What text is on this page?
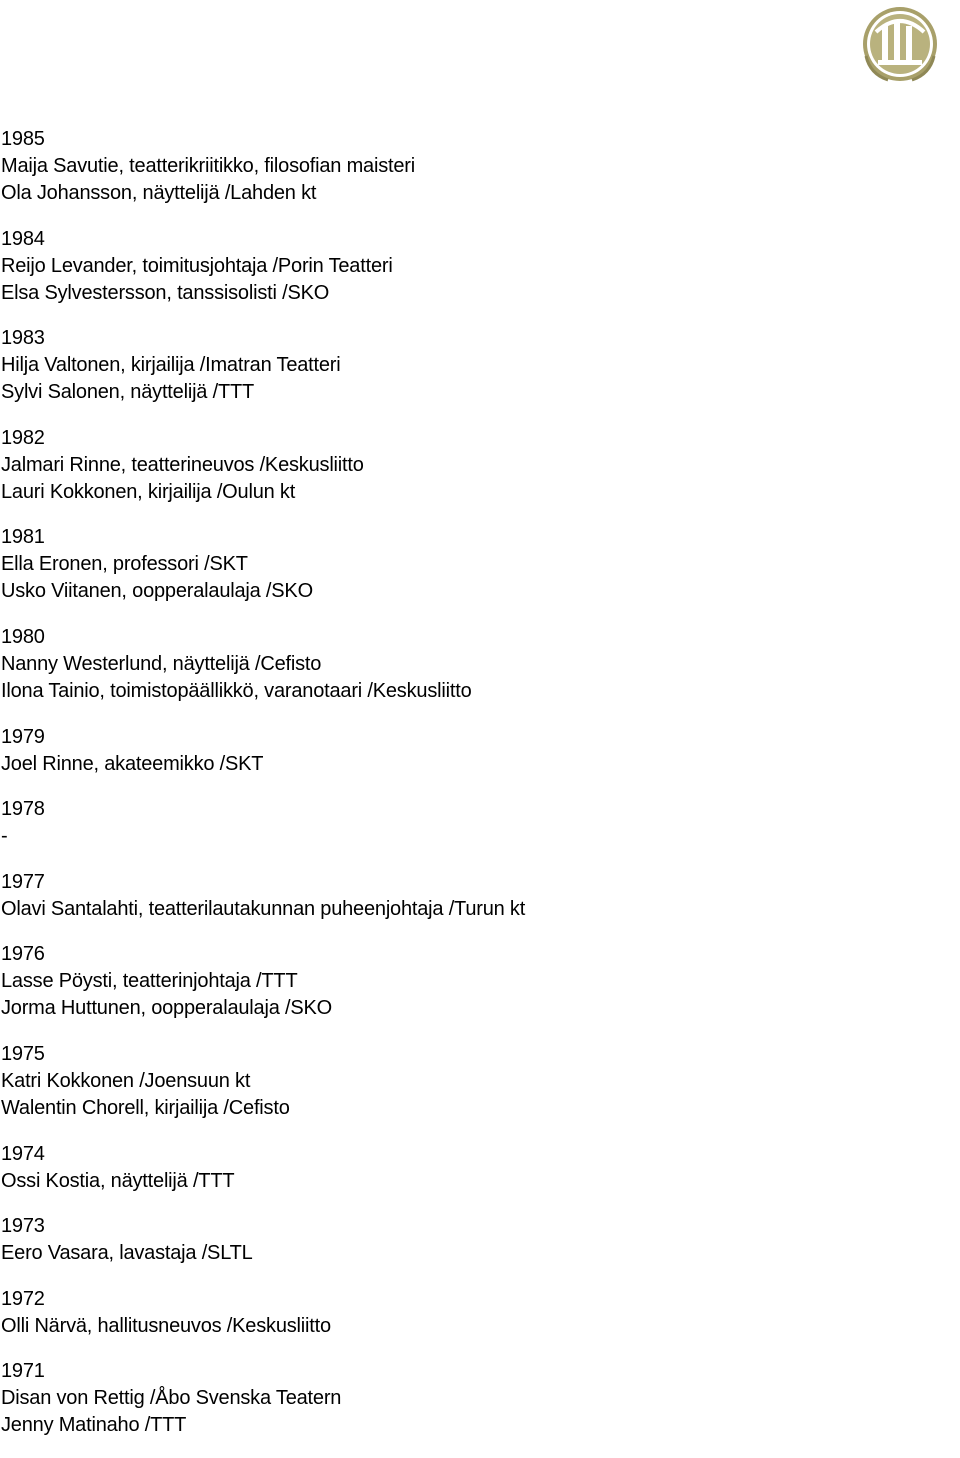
1985
Maija Savutie, teatterikriitikko, filosofian maisteri
Ola Johansson, näyttelijä /Lahden kt
1984
Reijo Levander, toimitusjohtaja /Porin Teatteri
Elsa Sylvestersson, tanssisolisti /SKO
1983
Hilja Valtonen, kirjailija /Imatran Teatteri
Sylvi Salonen, näyttelijä /TTT
1982
Jalmari Rinne, teatterineuvos /Keskusliitto
Lauri Kokkonen, kirjailija /Oulun kt
1981
Ella Eronen, professori /SKT
Usko Viitanen, oopperalaulaja /SKO
1980
Nanny Westerlund, näyttelijä /Cefisto
Ilona Tainio, toimistopäällikkö, varanotaari /Keskusliitto
1979
Joel Rinne, akateemikko /SKT
1978
-
1977
Olavi Santalahti, teatterilautakunnan puheenjohtaja /Turun kt
1976
Lasse Pöysti, teatterinjohtaja /TTT
Jorma Huttunen, oopperalaulaja /SKO
1975
Katri Kokkonen /Joensuun kt
Walentin Chorell, kirjailija /Cefisto
1974
Ossi Kostia, näyttelijä /TTT
1973
Eero Vasara, lavastaja /SLTL
1972
Olli Närvä, hallitusneuvos /Keskusliitto
1971
Disan von Rettig /Åbo Svenska Teatern
Jenny Matinaho /TTT
